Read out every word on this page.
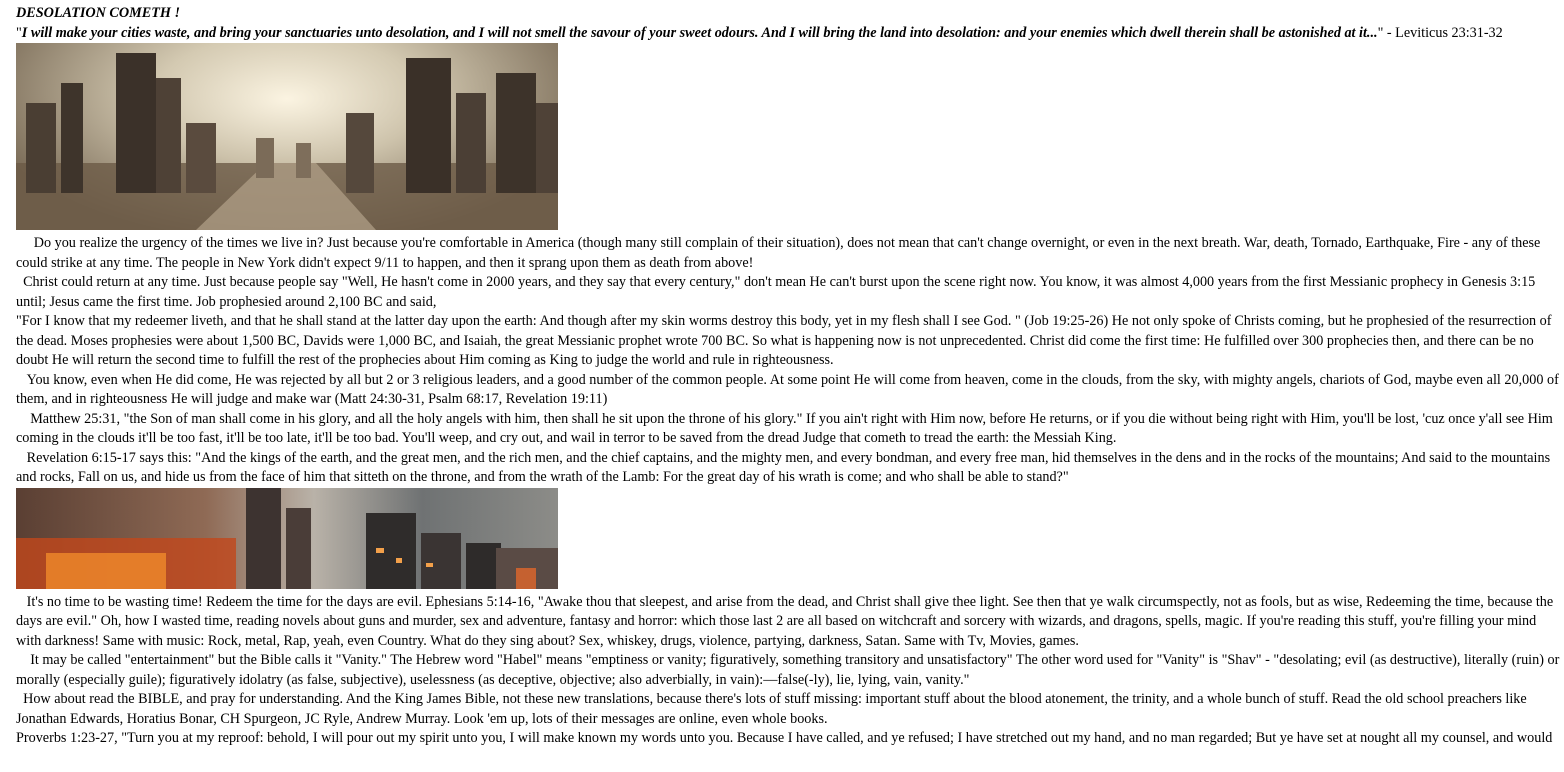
DESOLATION COMETH !

"I will make your cities waste, and bring your sanctuaries unto desolation, and I will not smell the savour of your sweet odours. And I will bring the land into desolation: and your enemies which dwell therein shall be astonished at it..." - Leviticus 23:31-32

Do you realize the urgency of the times we live in? Just because you're comfortable in America (though many still complain of their situation), does not mean that can't change overnight, or even in the next breath. War, death, Tornado, Earthquake, Fire - any of these could strike at any time. The people in New York didn't expect 9/11 to happen, and then it sprang upon them as death from above!

Christ could return at any time. Just because people say "Well, He hasn't come in 2000 years, and they say that every century," don't mean He can't burst upon the scene right now. You know, it was almost 4,000 years from the first Messianic prophecy in Genesis 3:15 until; Jesus came the first time. Job prophesied around 2,100 BC and said,

"For I know that my redeemer liveth, and that he shall stand at the latter day upon the earth: And though after my skin worms destroy this body, yet in my flesh shall I see God. " (Job 19:25-26) He not only spoke of Christs coming, but he prophesied of the resurrection of the dead. Moses prophesies were about 1,500 BC, Davids were 1,000 BC, and Isaiah, the great Messianic prophet wrote 700 BC. So what is happening now is not unprecedented. Christ did come the first time: He fulfilled over 300 prophecies then, and there can be no doubt He will return the second time to fulfill the rest of the prophecies about Him coming as King to judge the world and rule in righteousness.

You know, even when He did come, He was rejected by all but 2 or 3 religious leaders, and a good number of the common people. At some point He will come from heaven, come in the clouds, from the sky, with mighty angels, chariots of God, maybe even all 20,000 of them, and in righteousness He will judge and make war (Matt 24:30-31, Psalm 68:17, Revelation 19:11)

Matthew 25:31, "the Son of man shall come in his glory, and all the holy angels with him, then shall he sit upon the throne of his glory." If you ain't right with Him now, before He returns, or if you die without being right with Him, you'll be lost, 'cuz once y'all see Him coming in the clouds it'll be too fast, it'll be too late, it'll be too bad. You'll weep, and cry out, and wail in terror to be saved from the dread Judge that cometh to tread the earth: the Messiah King.

Revelation 6:15-17 says this: "And the kings of the earth, and the great men, and the rich men, and the chief captains, and the mighty men, and every bondman, and every free man, hid themselves in the dens and in the rocks of the mountains; And said to the mountains and rocks, Fall on us, and hide us from the face of him that sitteth on the throne, and from the wrath of the Lamb: For the great day of his wrath is come; and who shall be able to stand?"

It's no time to be wasting time! Redeem the time for the days are evil. Ephesians 5:14-16, "Awake thou that sleepest, and arise from the dead, and Christ shall give thee light. See then that ye walk circumspectly, not as fools, but as wise, Redeeming the time, because the days are evil." Oh, how I wasted time, reading novels about guns and murder, sex and adventure, fantasy and horror: which those last 2 are all based on witchcraft and sorcery with wizards, and dragons, spells, magic. If you're reading this stuff, you're filling your mind with darkness! Same with music: Rock, metal, Rap, yeah, even Country. What do they sing about? Sex, whiskey, drugs, violence, partying, darkness, Satan. Same with Tv, Movies, games.

It may be called "entertainment" but the Bible calls it "Vanity." The Hebrew word "Habel" means "emptiness or vanity; figuratively, something transitory and unsatisfactory" The other word used for "Vanity" is "Shav" - "desolating; evil (as destructive), literally (ruin) or morally (especially guile); figuratively idolatry (as false, subjective), uselessness (as deceptive, objective; also adverbially, in vain):—false(-ly), lie, lying, vain, vanity."

How about read the BIBLE, and pray for understanding. And the King James Bible, not these new translations, because there's lots of stuff missing: important stuff about the blood atonement, the trinity, and a whole bunch of stuff. Read the old school preachers like Jonathan Edwards, Horatius Bonar, CH Spurgeon, JC Ryle, Andrew Murray. Look 'em up, lots of their messages are online, even whole books.

Proverbs 1:23-27, "Turn you at my reproof: behold, I will pour out my spirit unto you, I will make known my words unto you. Because I have called, and ye refused; I have stretched out my hand, and no man regarded; But ye have set at nought all my counsel, and would
